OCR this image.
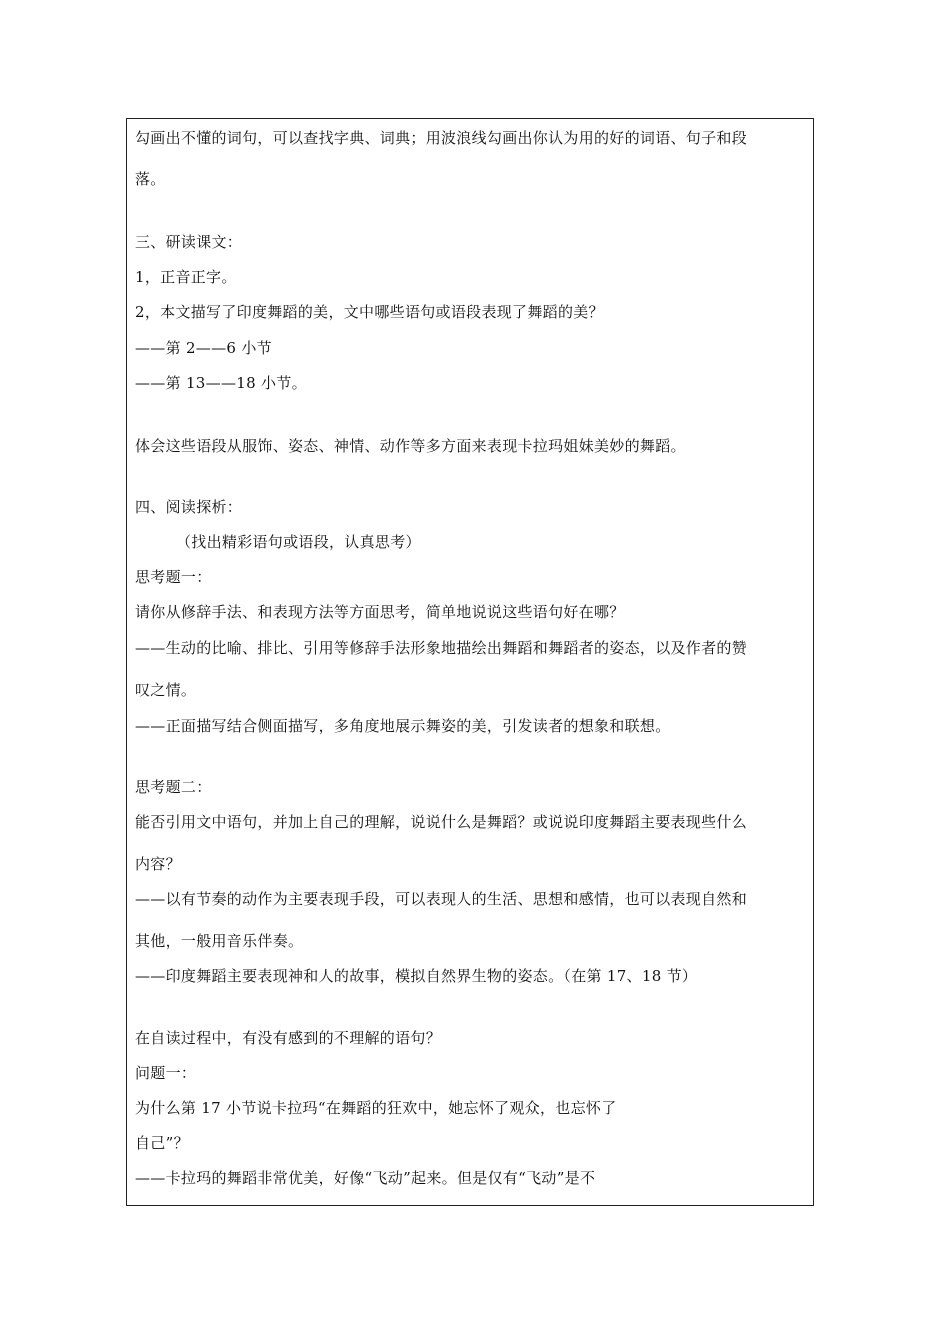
勾画出不懂的词句，可以查找字典、词典；用波浪线勾画出你认为用的好的词语、句子和段
落。
三、研读课文：
1，正音正字。
2，本文描写了印度舞蹈的美，文中哪些语句或语段表现了舞蹈的美？
——第 2——6 小节
——第 13——18 小节。
体会这些语段从服饰、姿态、神情、动作等多方面来表现卡拉玛姐妹美妙的舞蹈。
四、阅读探析：
（找出精彩语句或语段，认真思考）
思考题一：
请你从修辞手法、和表现方法等方面思考，简单地说说这些语句好在哪？
——生动的比喻、排比、引用等修辞手法形象地描绘出舞蹈和舞蹈者的姿态，以及作者的赞
叹之情。
——正面描写结合侧面描写，多角度地展示舞姿的美，引发读者的想象和联想。
思考题二：
能否引用文中语句，并加上自己的理解，说说什么是舞蹈？或说说印度舞蹈主要表现些什么
内容？
——以有节奏的动作为主要表现手段，可以表现人的生活、思想和感情，也可以表现自然和
其他，一般用音乐伴奏。
——印度舞蹈主要表现神和人的故事，模拟自然界生物的姿态。（在第 17、18 节）
在自读过程中，有没有感到的不理解的语句？
问题一：
为什么第 17 小节说卡拉玛“在舞蹈的狂欢中，她忘怀了观众，也忘怀了
自己”？
——卡拉玛的舞蹈非常优美，好像“飞动”起来。但是仅有“飞动”是不
